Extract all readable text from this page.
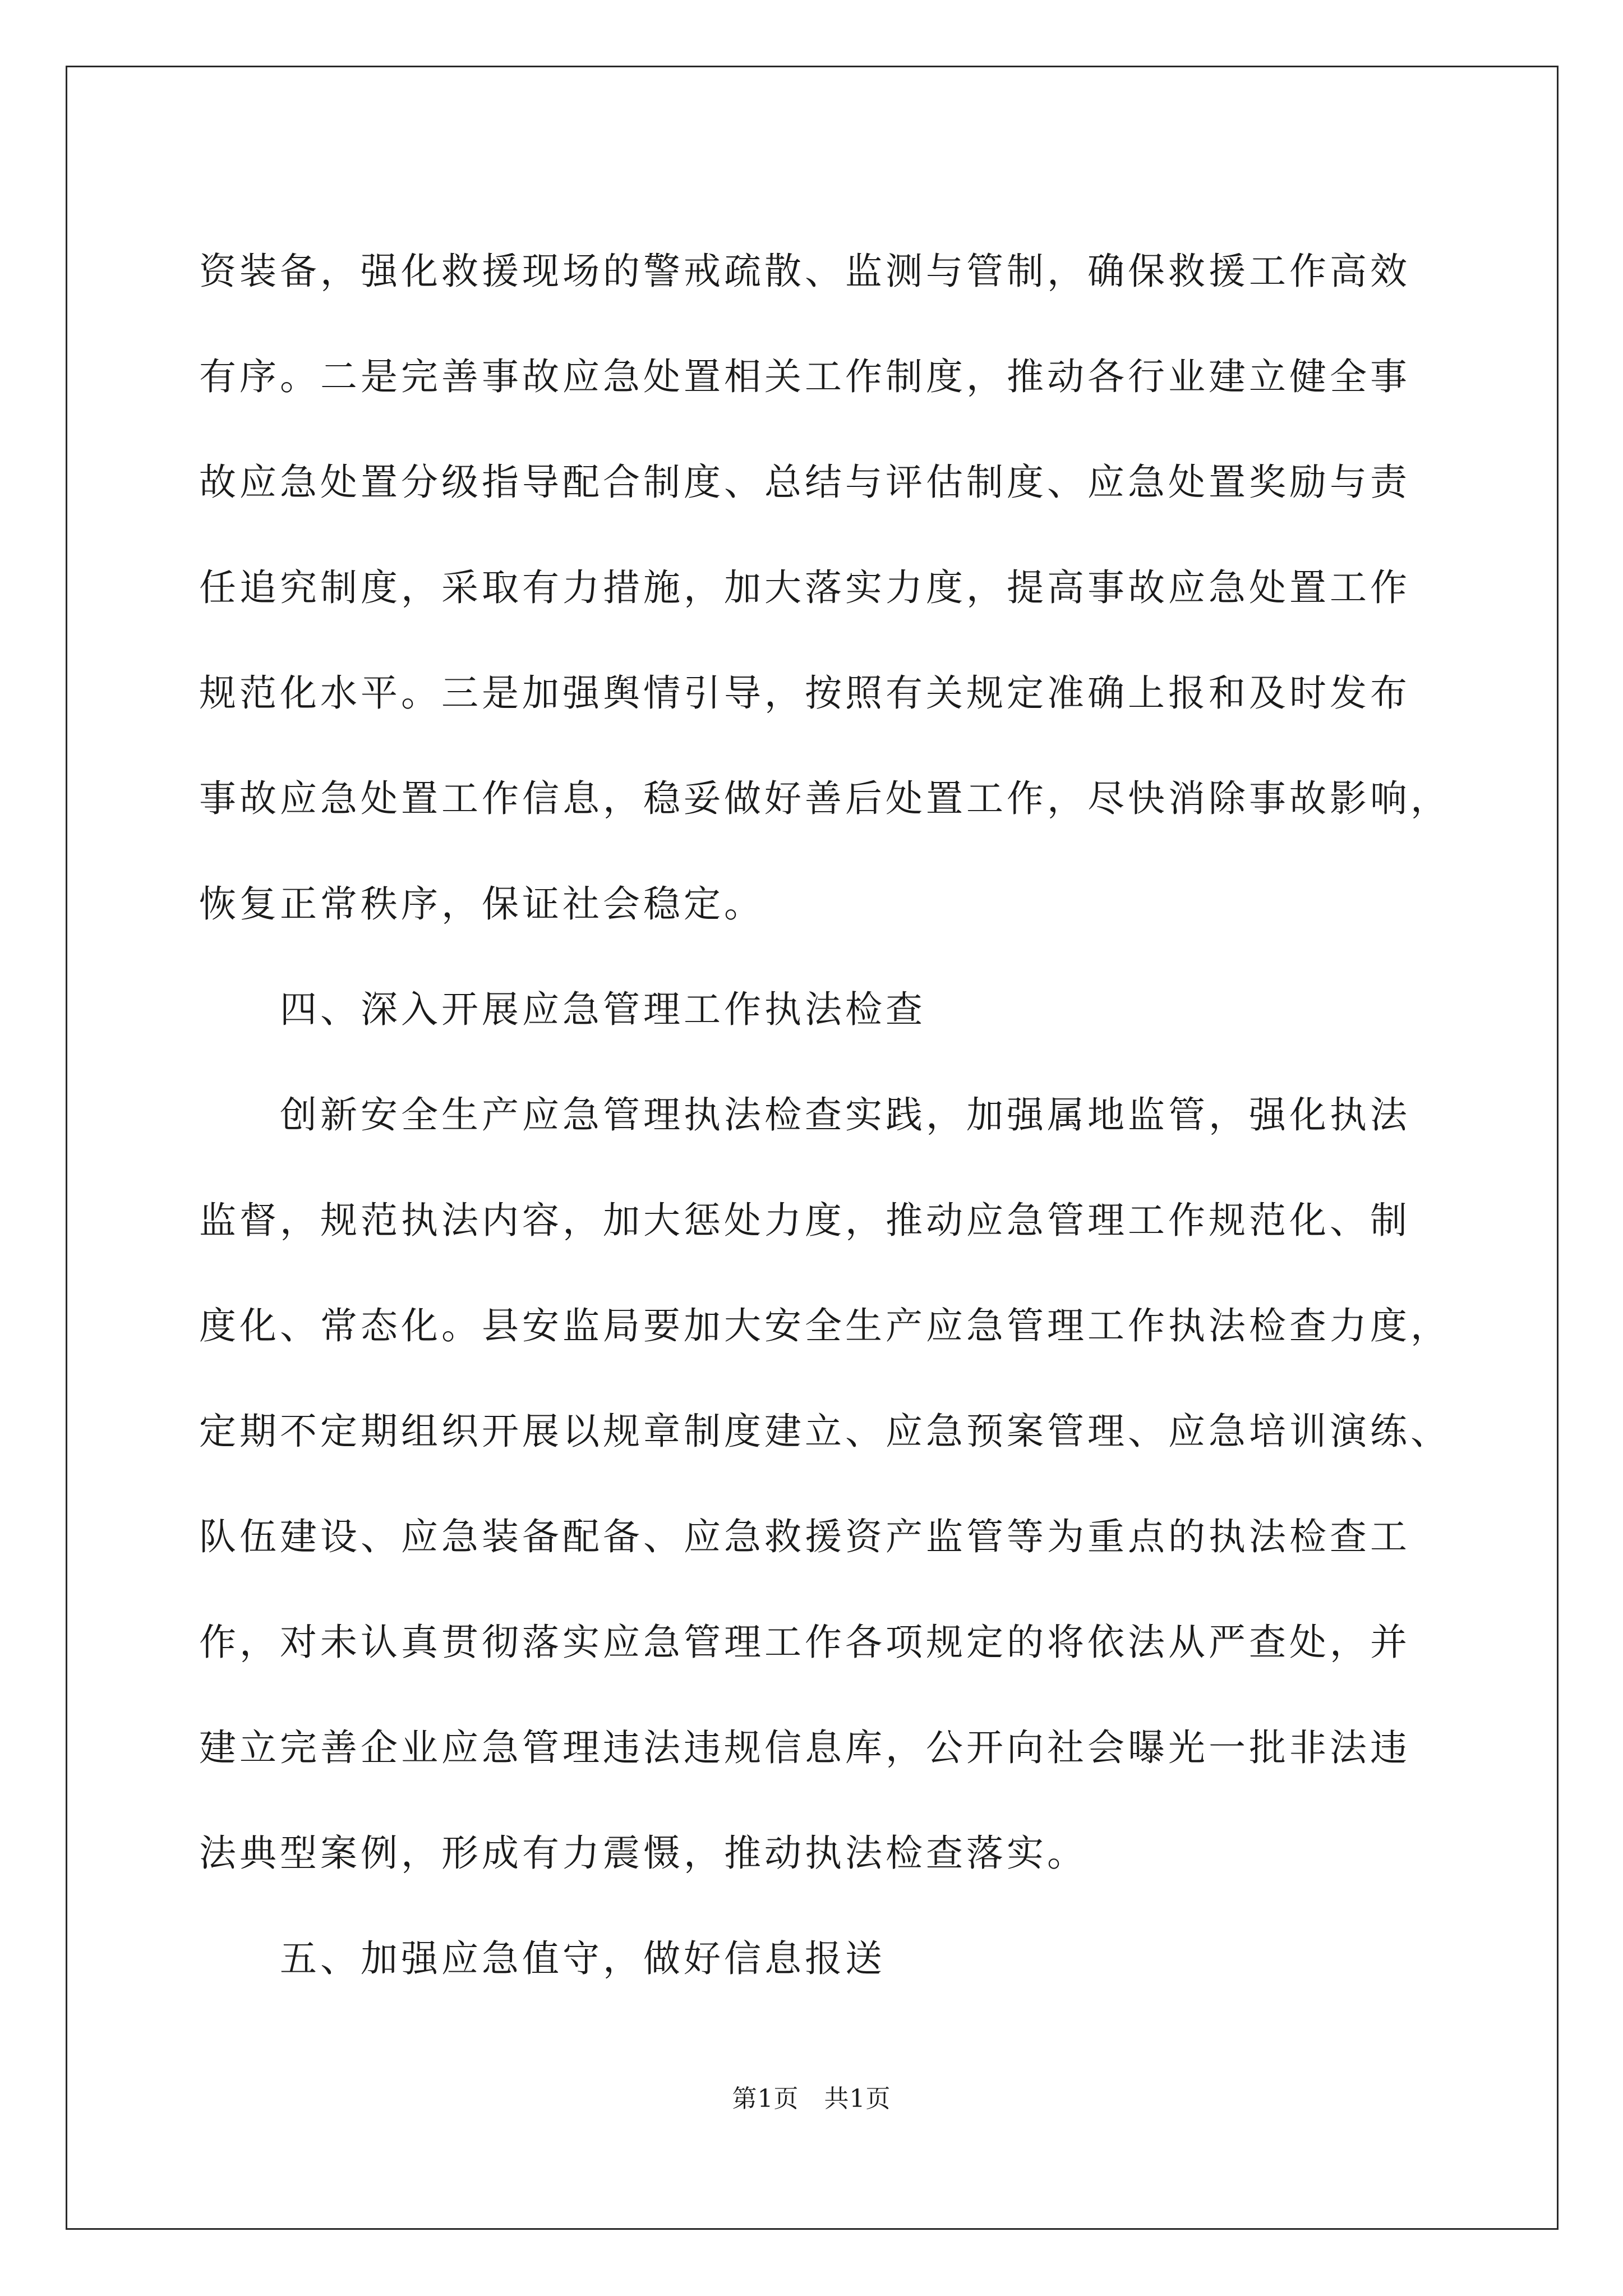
资装备，强化救援现场的警戒疏散、监测与管制，确保救援工作高效
有序。二是完善事故应急处置相关工作制度，推动各行业建立健全事
故应急处置分级指导配合制度、总结与评估制度、应急处置奖励与责
任追究制度，采取有力措施，加大落实力度，提高事故应急处置工作
规范化水平。三是加强舆情引导，按照有关规定准确上报和及时发布
事故应急处置工作信息，稳妥做好善后处置工作，尽快消除事故影响，
恢复正常秩序，保证社会稳定。
四、深入开展应急管理工作执法检查
创新安全生产应急管理执法检查实践，加强属地监管，强化执法
监督，规范执法内容，加大惩处力度，推动应急管理工作规范化、制
度化、常态化。县安监局要加大安全生产应急管理工作执法检查力度，
定期不定期组织开展以规章制度建立、应急预案管理、应急培训演练、
队伍建设、应急装备配备、应急救援资产监管等为重点的执法检查工
作，对未认真贯彻落实应急管理工作各项规定的将依法从严查处，并
建立完善企业应急管理违法违规信息库，公开向社会曝光一批非法违
法典型案例，形成有力震慑，推动执法检查落实。
五、加强应急值守，做好信息报送
第1页　共1页
